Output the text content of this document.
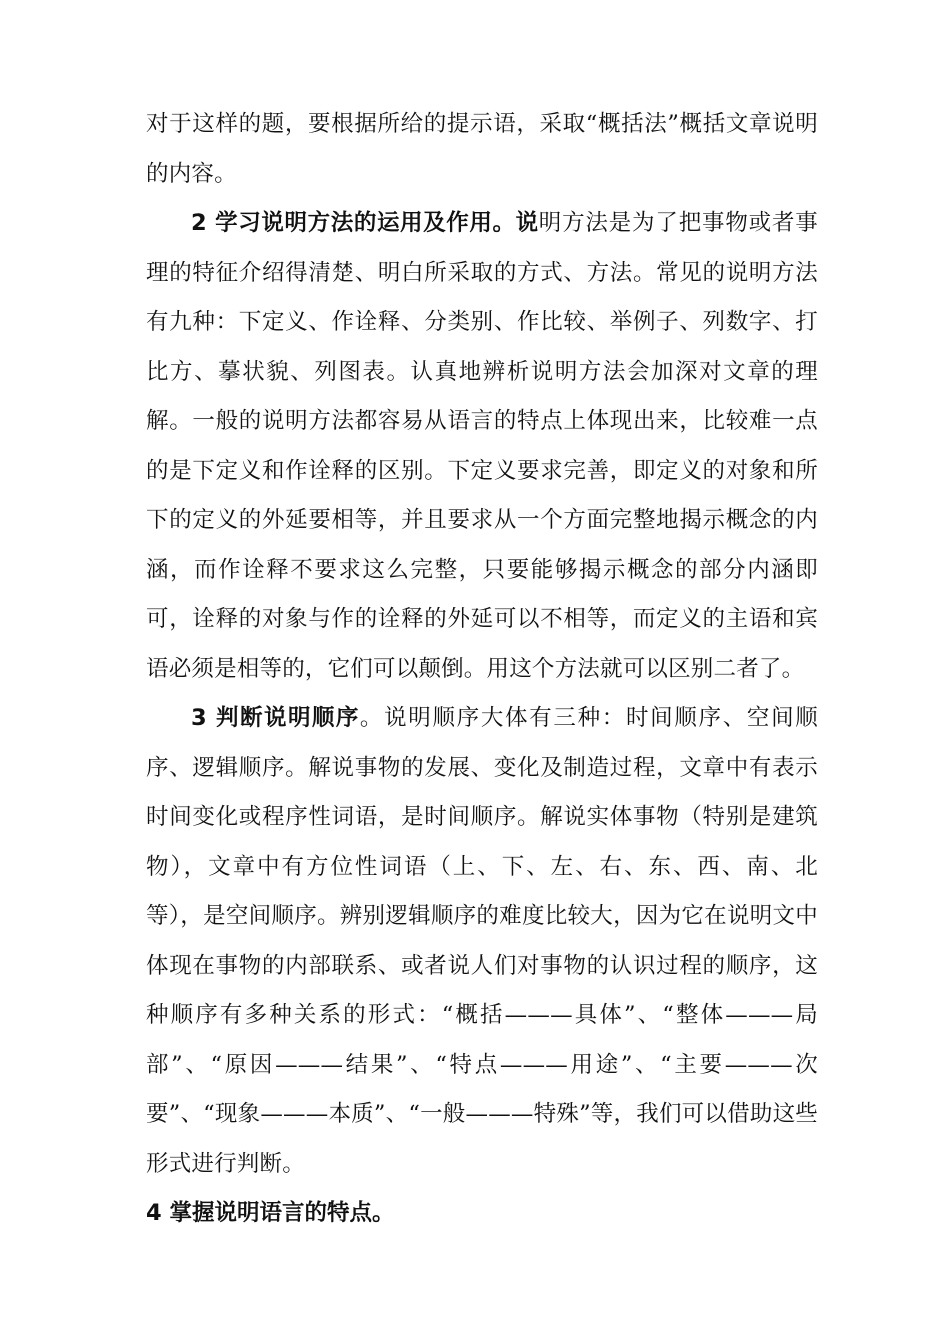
对于这样的题，要根据所给的提示语，采取“概括法”概括文章说明的内容。

2 学习说明方法的运用及作用。说明方法是为了把事物或者事理的特征介绍得清楚、明白所采取的方式、方法。常见的说明方法有九种：下定义、作诠释、分类别、作比较、举例子、列数字、打比方、摹状貌、列图表。认真地辨析说明方法会加深对文章的理解。一般的说明方法都容易从语言的特点上体现出来，比较难一点的是下定义和作诠释的区别。下定义要求完善，即定义的对象和所下的定义的外延要相等，并且要求从一个方面完整地揭示概念的内涵，而作诠释不要求这么完整，只要能够揭示概念的部分内涵即可，诠释的对象与作的诠释的外延可以不相等，而定义的主语和宾语必须是相等的，它们可以颠倒。用这个方法就可以区别二者了。

3 判断说明顺序。说明顺序大体有三种：时间顺序、空间顺序、逻辑顺序。解说事物的发展、变化及制造过程，文章中有表示时间变化或程序性词语，是时间顺序。解说实体事物（特别是建筑物），文章中有方位性词语（上、下、左、右、东、西、南、北等），是空间顺序。辨别逻辑顺序的难度比较大，因为它在说明文中体现在事物的内部联系、或者说人们对事物的认识过程的顺序，这种顺序有多种关系的形式：“概括———具体”、“整体———局部”、“原因———结果”、“特点———用途”、“主要———次要”、“现象———本质”、“一般———特殊”等，我们可以借助这些形式进行判断。

4 掌握说明语言的特点。
